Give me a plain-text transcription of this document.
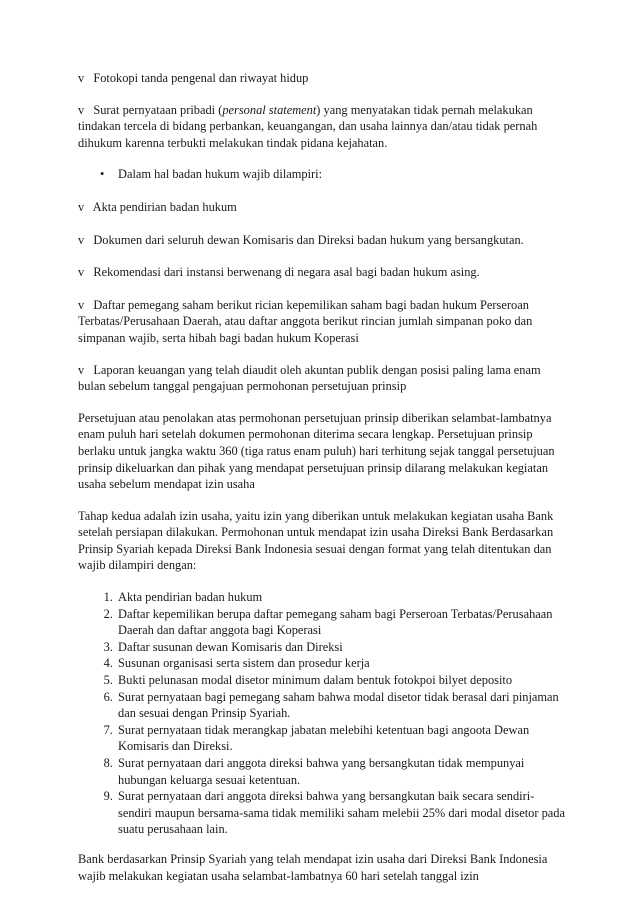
v Fotokopi tanda pengenal dan riwayat hidup

v Surat pernyataan pribadi (personal statement) yang menyatakan tidak pernah melakukan tindakan tercela di bidang perbankan, keuangangan, dan usaha lainnya dan/atau tidak pernah dihukum karenna terbukti melakukan tindak pidana kejahatan.

•	Dalam hal badan hukum wajib dilampiri:

v Akta pendirian badan hukum

v Dokumen dari seluruh dewan Komisaris dan Direksi badan hukum yang bersangkutan.

v Rekomendasi dari instansi berwenang di negara asal bagi badan hukum asing.

v Daftar pemegang saham berikut rician kepemilikan saham bagi badan hukum Perseroan Terbatas/Perusahaan Daerah, atau daftar anggota berikut rincian jumlah simpanan poko dan simpanan wajib, serta hibah bagi badan hukum Koperasi

v Laporan keuangan yang telah diaudit oleh akuntan publik dengan posisi paling lama enam bulan sebelum tanggal pengajuan permohonan persetujuan prinsip

Persetujuan atau penolakan atas permohonan persetujuan prinsip diberikan selambat-lambatnya enam puluh hari setelah dokumen permohonan diterima secara lengkap. Persetujuan prinsip berlaku untuk jangka waktu 360 (tiga ratus enam puluh) hari terhitung sejak tanggal persetujuan prinsip dikeluarkan dan pihak yang mendapat persetujuan prinsip dilarang melakukan kegiatan usaha sebelum mendapat izin usaha

Tahap kedua adalah izin usaha, yaitu izin yang diberikan untuk melakukan kegiatan usaha Bank setelah persiapan dilakukan. Permohonan untuk mendapat izin usaha Direksi Bank Berdasarkan Prinsip Syariah kepada Direksi Bank Indonesia sesuai dengan format yang telah ditentukan dan wajib dilampiri dengan:

1. Akta pendirian badan hukum
2. Daftar kepemilikan berupa daftar pemegang saham bagi Perseroan Terbatas/Perusahaan Daerah dan daftar anggota bagi Koperasi
3. Daftar susunan dewan Komisaris dan Direksi
4. Susunan organisasi serta sistem dan prosedur kerja
5. Bukti pelunasan modal disetor minimum dalam bentuk fotokpoi bilyet deposito
6. Surat pernyataan bagi pemegang saham bahwa modal disetor tidak berasal dari pinjaman dan sesuai dengan Prinsip Syariah.
7. Surat pernyataan tidak merangkap jabatan melebihi ketentuan bagi angoota Dewan Komisaris dan Direksi.
8. Surat pernyataan dari anggota direksi bahwa yang bersangkutan tidak mempunyai hubungan keluarga sesuai ketentuan.
9. Surat pernyataan dari anggota direksi bahwa yang bersangkutan baik secara sendiri-sendiri maupun bersama-sama tidak memiliki saham melebii 25% dari modal disetor pada suatu perusahaan lain.

Bank berdasarkan Prinsip Syariah yang telah mendapat izin usaha dari Direksi Bank Indonesia wajib melakukan kegiatan usaha selambat-lambatnya 60 hari setelah tanggal izin
